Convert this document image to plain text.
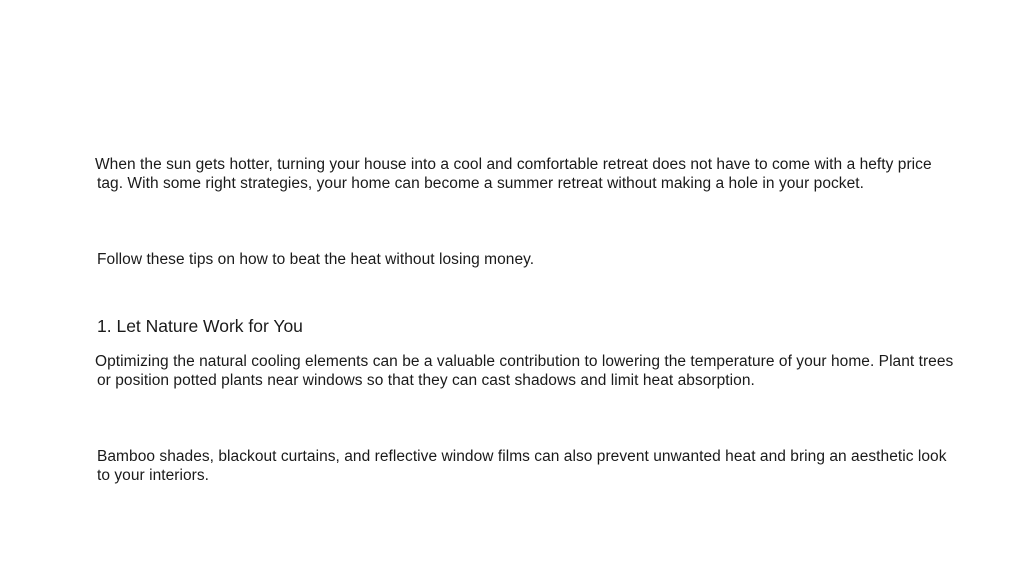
When the sun gets hotter, turning your house into a cool and comfortable retreat does not have to come with a hefty price tag. With some right strategies, your home can become a summer retreat without making a hole in your pocket.

Follow these tips on how to beat the heat without losing money.

1. Let Nature Work for You

Optimizing the natural cooling elements can be a valuable contribution to lowering the temperature of your home. Plant trees or position potted plants near windows so that they can cast shadows and limit heat absorption.

Bamboo shades, blackout curtains, and reflective window films can also prevent unwanted heat and bring an aesthetic look to your interiors.
